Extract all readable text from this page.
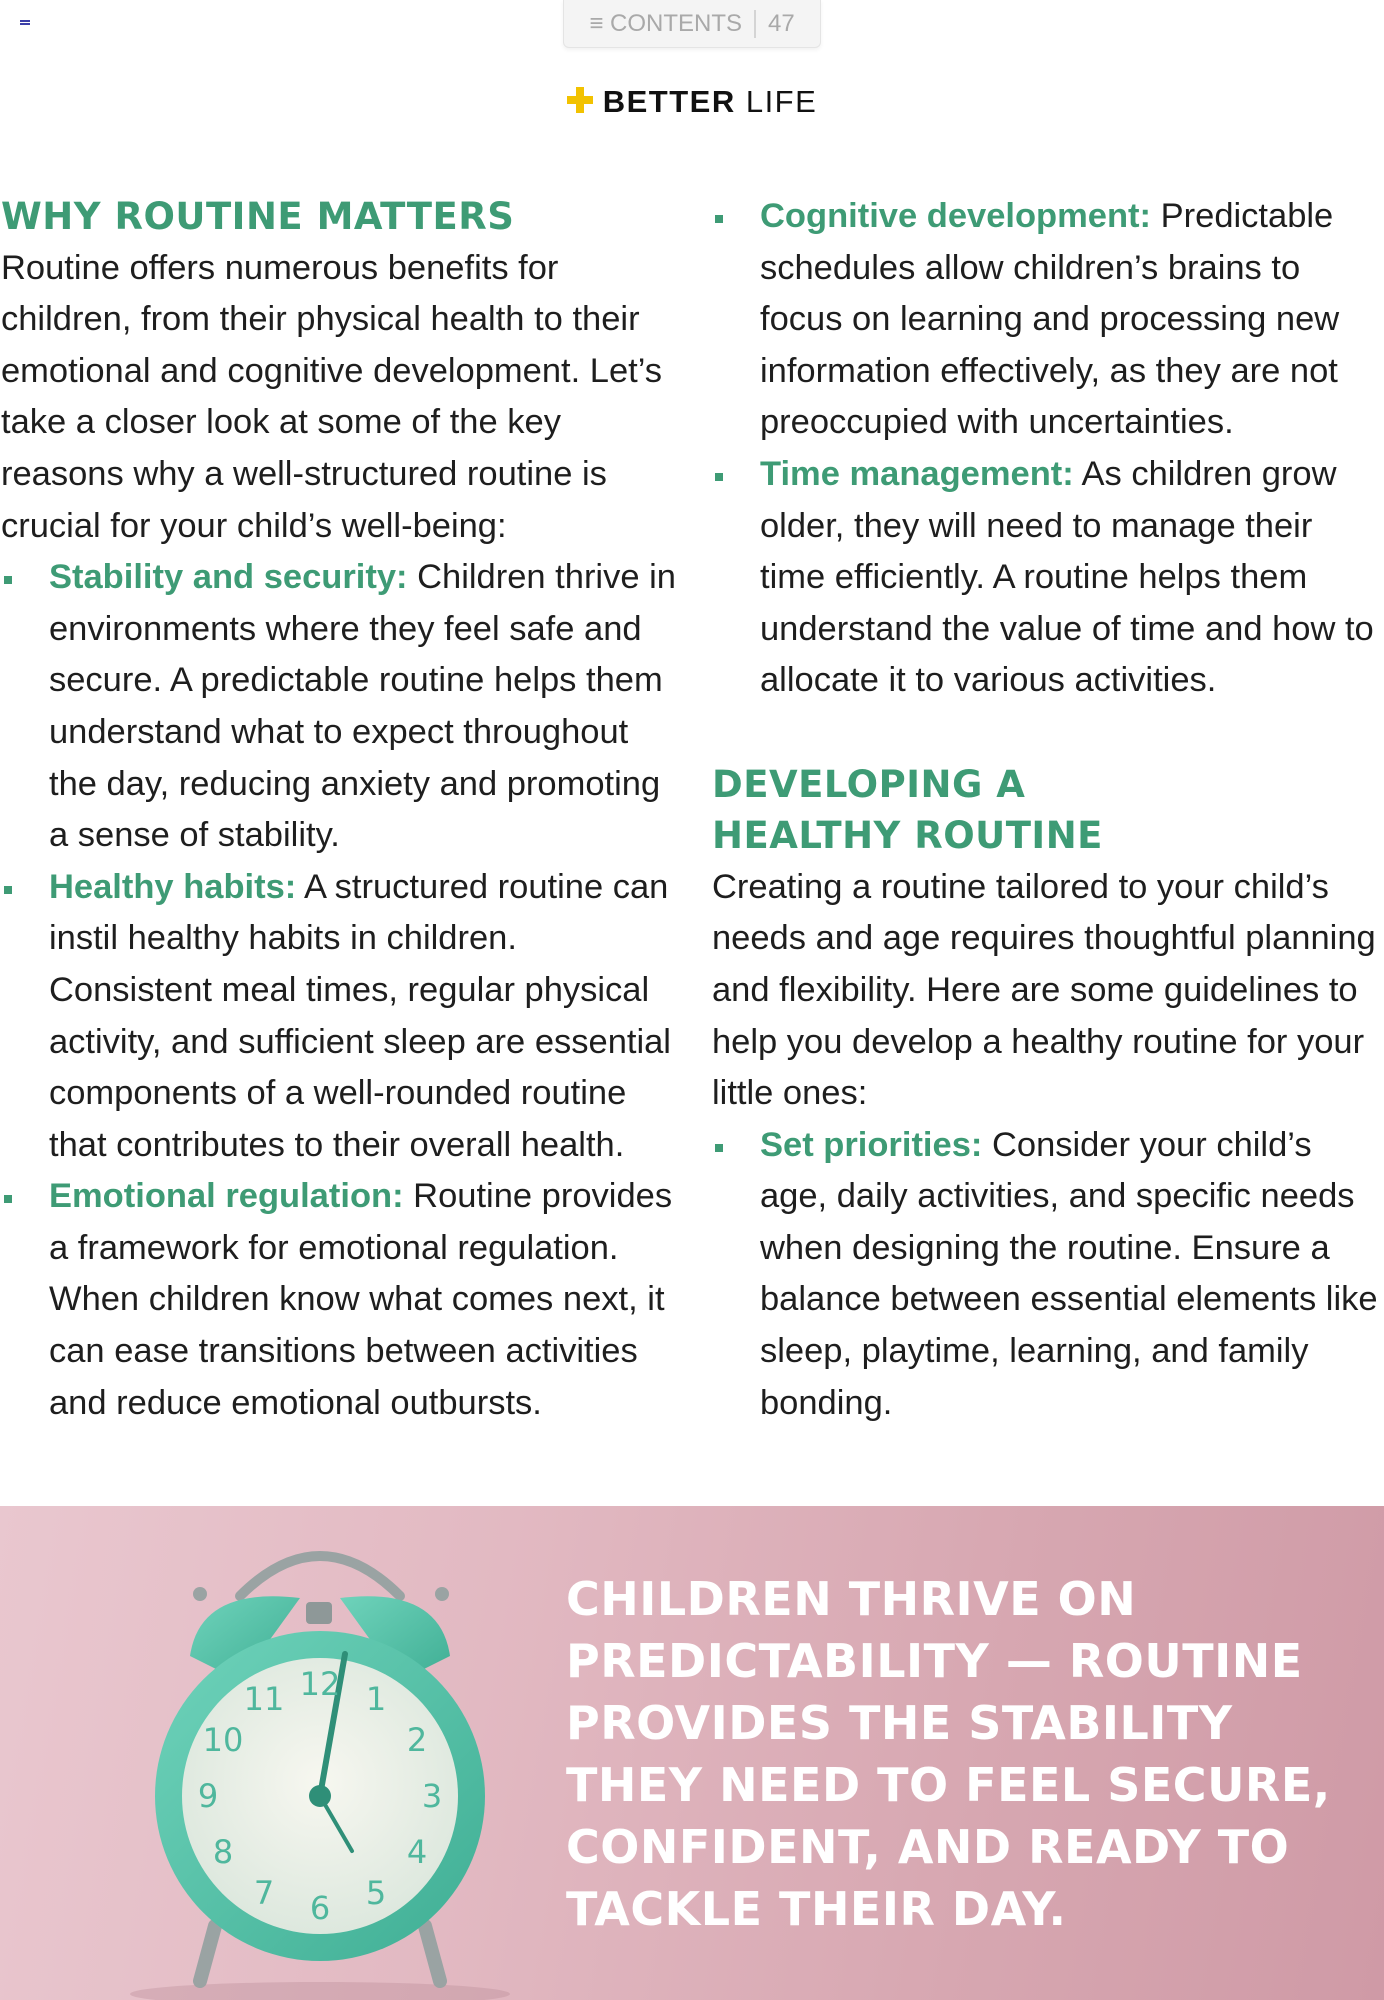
≡ CONTENTS 47
BETTER LIFE
WHY ROUTINE MATTERS
Routine offers numerous benefits for children, from their physical health to their emotional and cognitive development. Let’s take a closer look at some of the key reasons why a well-structured routine is crucial for your child’s well-being:
Stability and security: Children thrive in environments where they feel safe and secure. A predictable routine helps them understand what to expect throughout the day, reducing anxiety and promoting a sense of stability.
Healthy habits: A structured routine can instil healthy habits in children. Consistent meal times, regular physical activity, and sufficient sleep are essential components of a well-rounded routine that contributes to their overall health.
Emotional regulation: Routine provides a framework for emotional regulation. When children know what comes next, it can ease transitions between activities and reduce emotional outbursts.
Cognitive development: Predictable schedules allow children’s brains to focus on learning and processing new information effectively, as they are not preoccupied with uncertainties.
Time management: As children grow older, they will need to manage their time efficiently. A routine helps them understand the value of time and how to allocate it to various activities.
DEVELOPING A
HEALTHY ROUTINE
Creating a routine tailored to your child’s needs and age requires thoughtful planning and flexibility. Here are some guidelines to help you develop a healthy routine for your little ones:
Set priorities: Consider your child’s age, daily activities, and specific needs when designing the routine. Ensure a balance between essential elements like sleep, playtime, learning, and family bonding.
12 1
2
3
4
5
6
7
8
9
10
11
CHILDREN THRIVE ON PREDICTABILITY — ROUTINE PROVIDES THE STABILITY THEY NEED TO FEEL SECURE, CONFIDENT, AND READY TO TACKLE THEIR DAY.
